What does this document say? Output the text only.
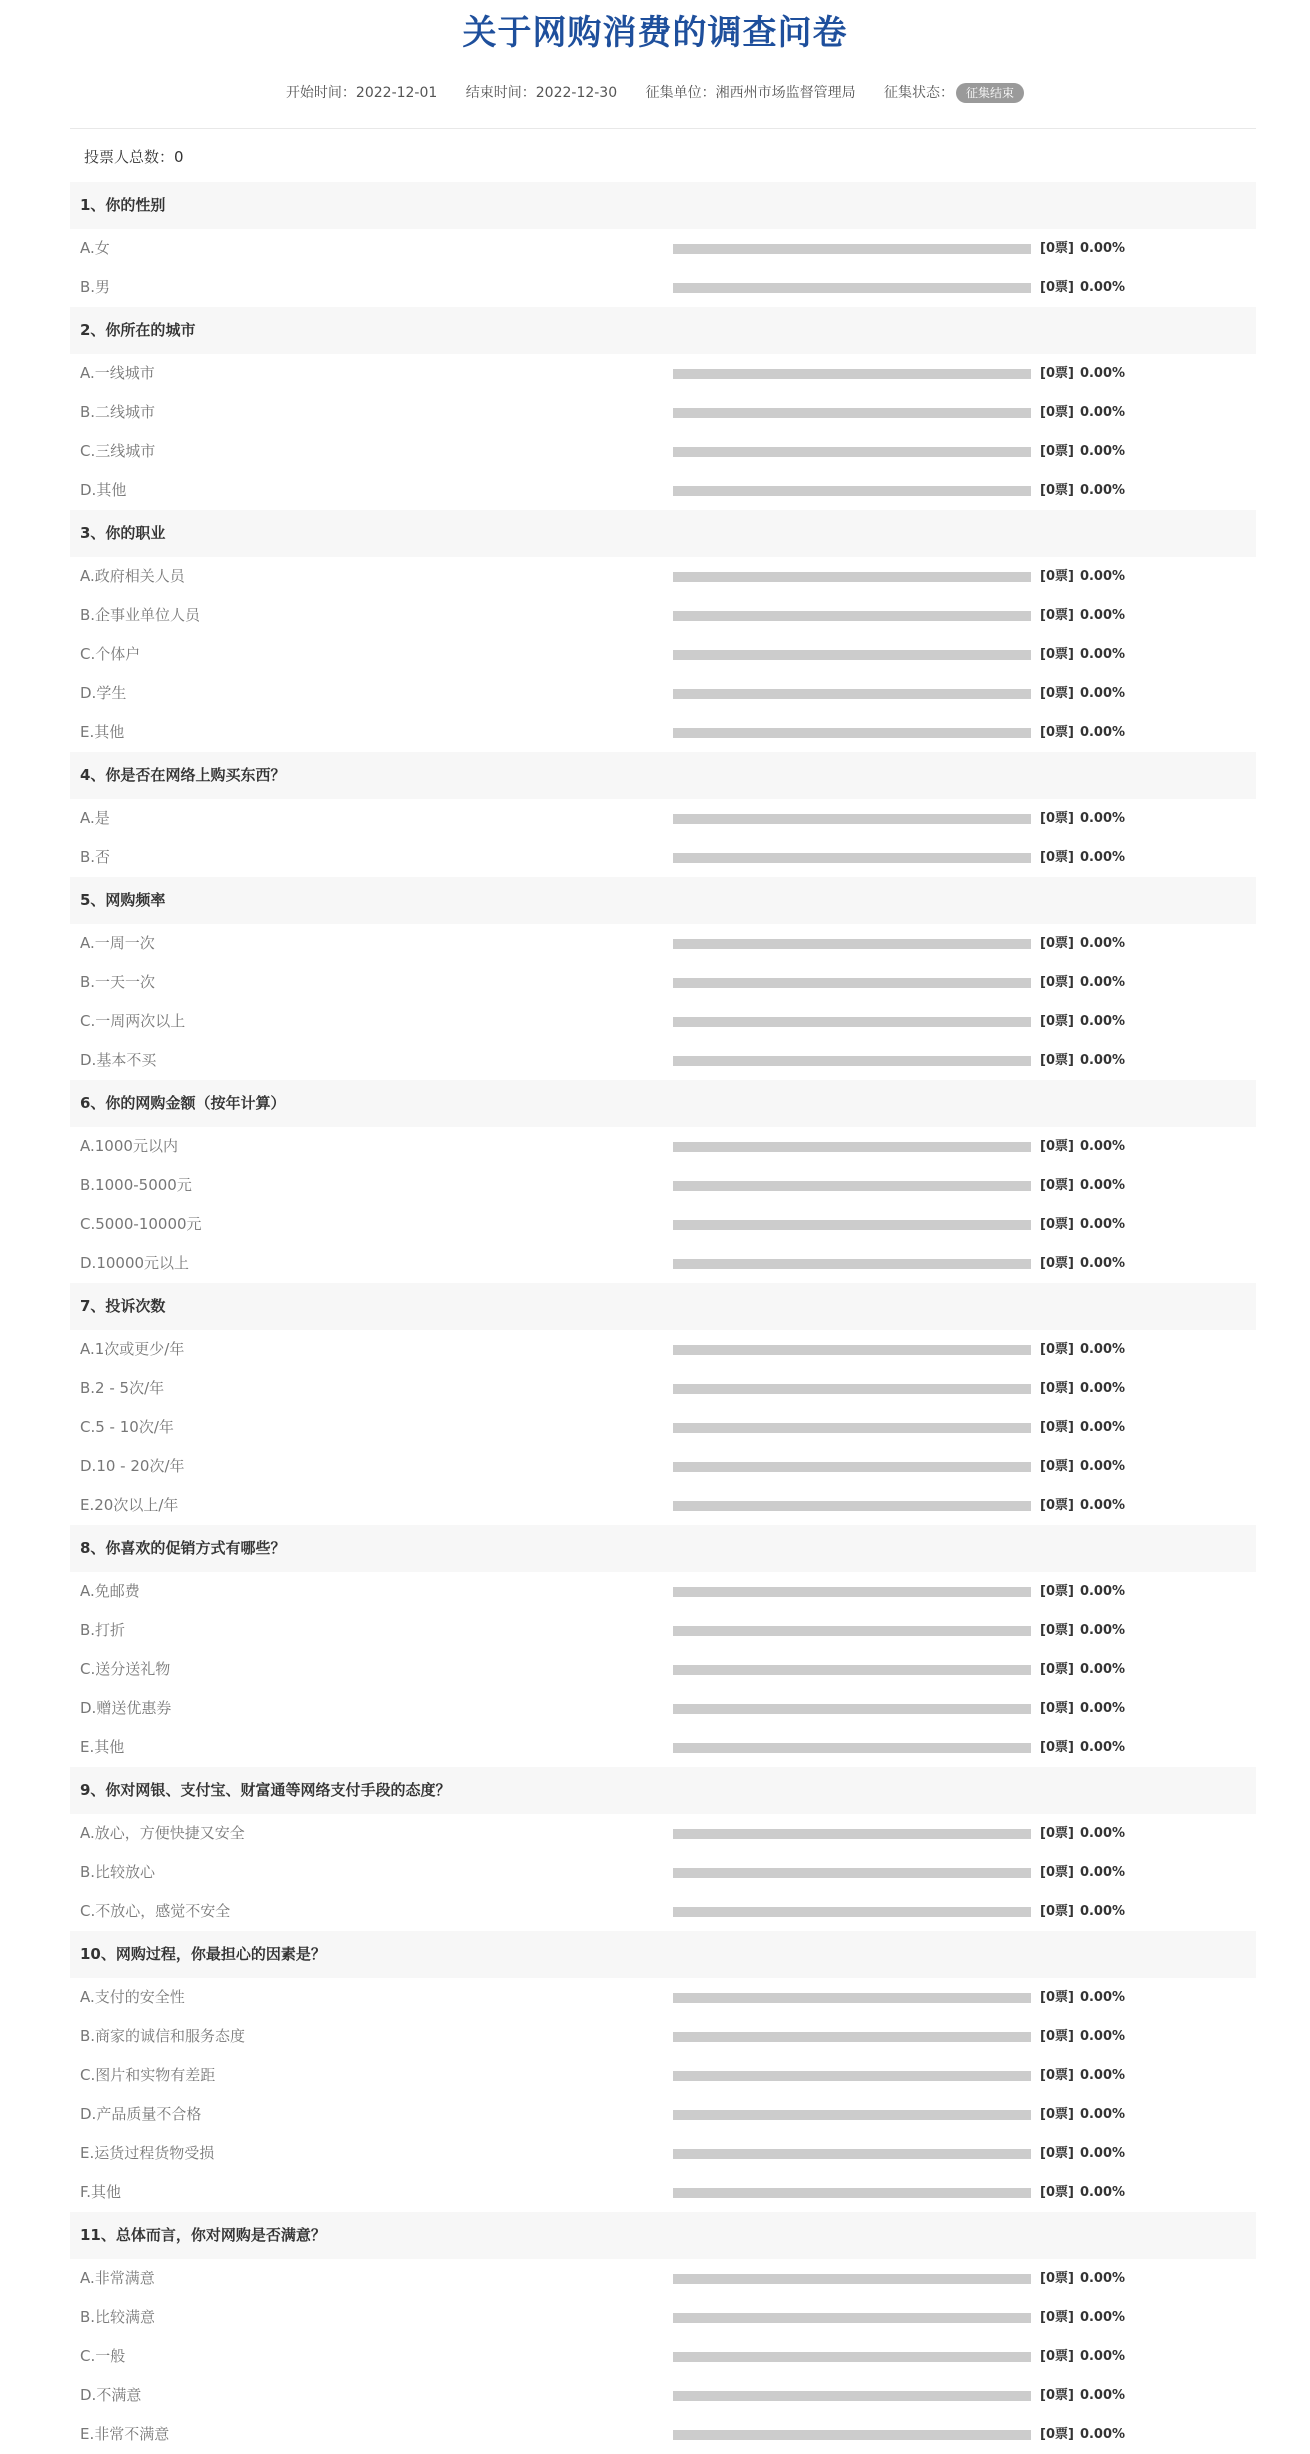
关于网购消费的调查问卷
开始时间：2022-12-01 结束时间：2022-12-30 征集单位：湘西州市场监督管理局 征集状态： 征集结束
投票人总数：0
1、你的性别
A.女	[0票] 0.00%
B.男	[0票] 0.00%
2、你所在的城市
A.一线城市	[0票] 0.00%
B.二线城市	[0票] 0.00%
C.三线城市	[0票] 0.00%
D.其他	[0票] 0.00%
3、你的职业
A.政府相关人员	[0票] 0.00%
B.企事业单位人员	[0票] 0.00%
C.个体户	[0票] 0.00%
D.学生	[0票] 0.00%
E.其他	[0票] 0.00%
4、你是否在网络上购买东西？
A.是	[0票] 0.00%
B.否	[0票] 0.00%
5、网购频率
A.一周一次	[0票] 0.00%
B.一天一次	[0票] 0.00%
C.一周两次以上	[0票] 0.00%
D.基本不买	[0票] 0.00%
6、你的网购金额（按年计算）
A.1000元以内	[0票] 0.00%
B.1000-5000元	[0票] 0.00%
C.5000-10000元	[0票] 0.00%
D.10000元以上	[0票] 0.00%
7、投诉次数
A.1次或更少/年	[0票] 0.00%
B.2 - 5次/年	[0票] 0.00%
C.5 - 10次/年	[0票] 0.00%
D.10 - 20次/年	[0票] 0.00%
E.20次以上/年	[0票] 0.00%
8、你喜欢的促销方式有哪些？
A.免邮费	[0票] 0.00%
B.打折	[0票] 0.00%
C.送分送礼物	[0票] 0.00%
D.赠送优惠券	[0票] 0.00%
E.其他	[0票] 0.00%
9、你对网银、支付宝、财富通等网络支付手段的态度？
A.放心，方便快捷又安全	[0票] 0.00%
B.比较放心	[0票] 0.00%
C.不放心，感觉不安全	[0票] 0.00%
10、网购过程，你最担心的因素是？
A.支付的安全性	[0票] 0.00%
B.商家的诚信和服务态度	[0票] 0.00%
C.图片和实物有差距	[0票] 0.00%
D.产品质量不合格	[0票] 0.00%
E.运货过程货物受损	[0票] 0.00%
F.其他	[0票] 0.00%
11、总体而言，你对网购是否满意？
A.非常满意	[0票] 0.00%
B.比较满意	[0票] 0.00%
C.一般	[0票] 0.00%
D.不满意	[0票] 0.00%
E.非常不满意	[0票] 0.00%
